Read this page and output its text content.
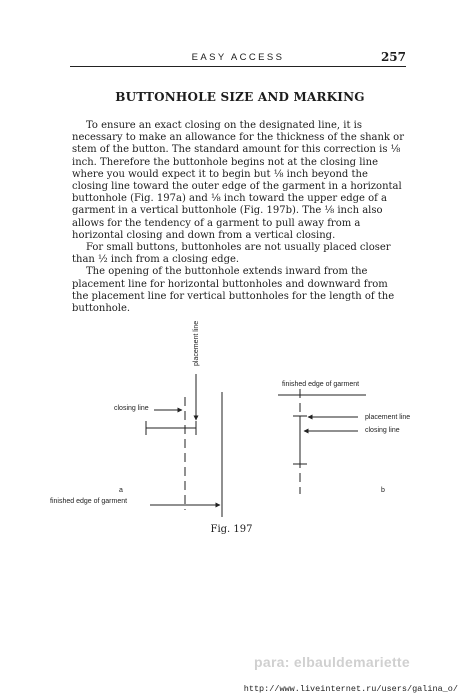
EASY ACCESS	257
BUTTONHOLE SIZE AND MARKING

To ensure an exact closing on the designated line, it is necessary to make an allowance for the thickness of the shank or stem of the button. The standard amount for this correction is ⅛ inch. Therefore the buttonhole begins not at the closing line where you would expect it to begin but ⅛ inch beyond the closing line toward the outer edge of the garment in a horizontal buttonhole (Fig. 197a) and ⅛ inch toward the upper edge of a garment in a vertical buttonhole (Fig. 197b). The ⅛ inch also allows for the tendency of a garment to pull away from a horizontal closing and down from a vertical closing.

For small buttons, buttonholes are not usually placed closer than ½ inch from a closing edge.

The opening of the buttonhole extends inward from the placement line for horizontal buttonholes and downward from the placement line for vertical buttonholes for the length of the buttonhole.

placement line
closing line
a
finished edge of garment
finished edge of garment
placement line
closing line
b
Fig. 197
para: elbauldemariette
http://www.liveinternet.ru/users/galina_o/
